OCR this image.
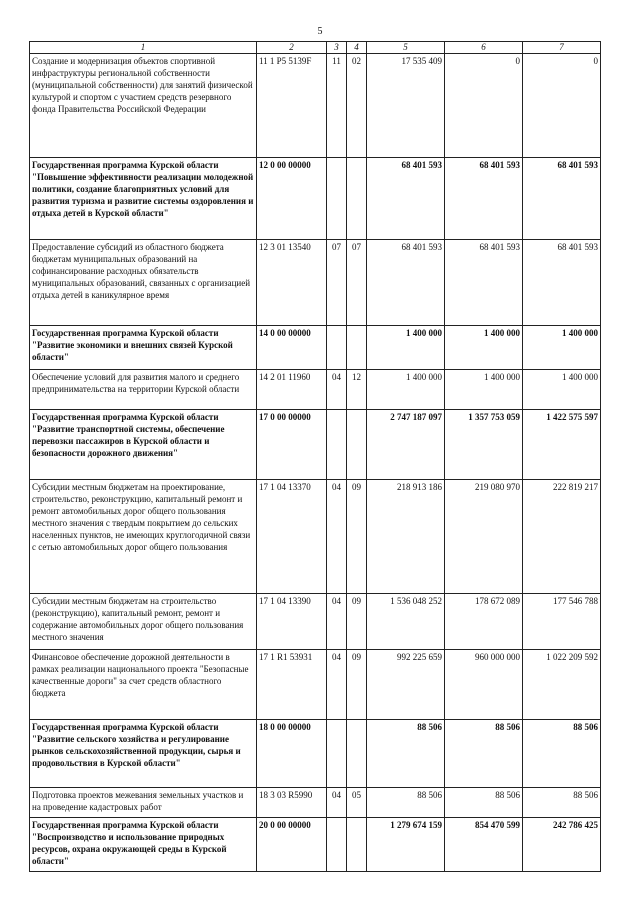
5
1	2	3	4	5	6	7
Создание и модернизация объектов спортивной инфраструктуры региональной собственности (муниципальной собственности) для занятий физической культурой и спортом с участием средств резервного фонда Правительства Российской Федерации	11 1 P5 5139F	11	02	17 535 409	0	0
Государственная программа Курской области "Повышение эффективности реализации молодежной политики, создание благоприятных условий для развития туризма и развитие системы оздоровления и отдыха детей в Курской области"	12 0 00 00000			68 401 593	68 401 593	68 401 593
Предоставление субсидий из областного бюджета бюджетам муниципальных образований на софинансирование расходных обязательств муниципальных образований, связанных с организацией отдыха детей в каникулярное время	12 3 01 13540	07	07	68 401 593	68 401 593	68 401 593
Государственная программа Курской области "Развитие экономики и внешних связей Курской области"	14 0 00 00000			1 400 000	1 400 000	1 400 000
Обеспечение условий для развития малого и среднего предпринимательства на территории Курской области	14 2 01 11960	04	12	1 400 000	1 400 000	1 400 000
Государственная программа Курской области "Развитие транспортной системы, обеспечение перевозки пассажиров в Курской области и безопасности дорожного движения"	17 0 00 00000			2 747 187 097	1 357 753 059	1 422 575 597
Субсидии местным бюджетам на проектирование, строительство, реконструкцию, капитальный ремонт и ремонт автомобильных дорог общего пользования местного значения с твердым покрытием до сельских населенных пунктов, не имеющих круглогодичной связи с сетью автомобильных дорог общего пользования	17 1 04 13370	04	09	218 913 186	219 080 970	222 819 217
Субсидии местным бюджетам на строительство (реконструкцию), капитальный ремонт, ремонт и содержание автомобильных дорог общего пользования местного значения	17 1 04 13390	04	09	1 536 048 252	178 672 089	177 546 788
Финансовое обеспечение дорожной деятельности в рамках реализации национального проекта "Безопасные качественные дороги" за счет средств областного бюджета	17 1 R1 53931	04	09	992 225 659	960 000 000	1 022 209 592
Государственная программа Курской области "Развитие сельского хозяйства и регулирование рынков сельскохозяйственной продукции, сырья и продовольствия в Курской области"	18 0 00 00000			88 506	88 506	88 506
Подготовка проектов межевания земельных участков и на проведение кадастровых работ	18 3 03 R5990	04	05	88 506	88 506	88 506
Государственная программа Курской области "Воспроизводство и использование природных ресурсов, охрана окружающей среды в Курской области"	20 0 00 00000			1 279 674 159	854 470 599	242 786 425
